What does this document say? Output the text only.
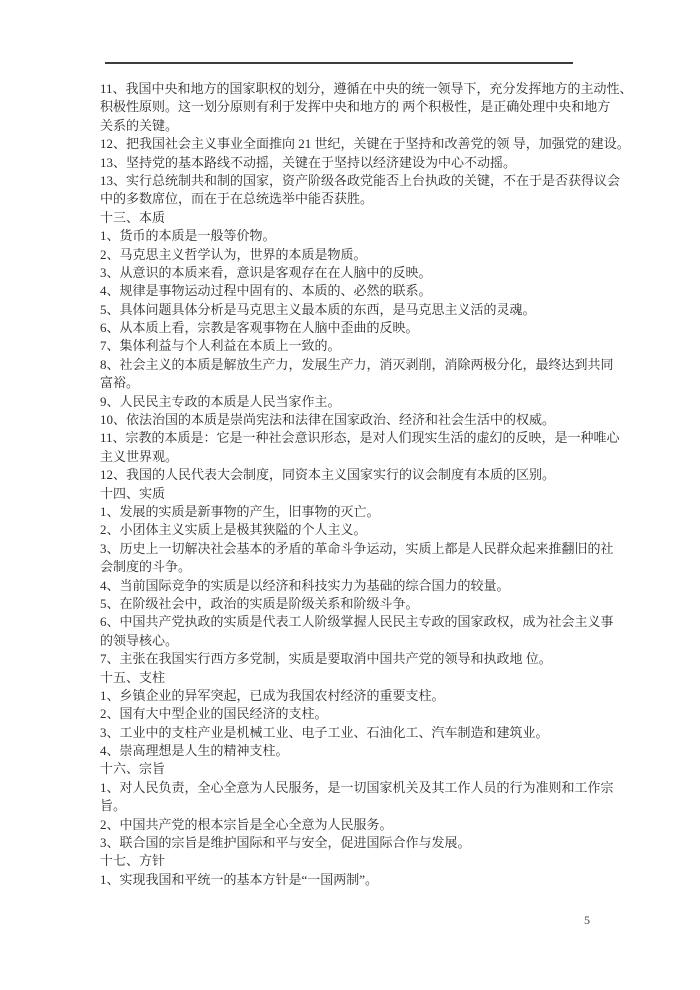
11、我国中央和地方的国家职权的划分，遵循在中央的统一领导下，充分发挥地方的主动性、
积极性原则。这一划分原则有利于发挥中央和地方的 两个积极性，是正确处理中央和地方
关系的关键。
12、把我国社会主义事业全面推向 21 世纪，关键在于坚持和改善党的领 导，加强党的建设。
13、坚持党的基本路线不动摇，关键在于坚持以经济建设为中心不动摇。
13、实行总统制共和制的国家，资产阶级各政党能否上台执政的关键，不在于是否获得议会
中的多数席位，而在于在总统选举中能否获胜。
十三、本质
1、货币的本质是一般等价物。
2、马克思主义哲学认为，世界的本质是物质。
3、从意识的本质来看，意识是客观存在在人脑中的反映。
4、规律是事物运动过程中固有的、本质的、必然的联系。
5、具体问题具体分析是马克思主义最本质的东西，是马克思主义活的灵魂。
6、从本质上看，宗教是客观事物在人脑中歪曲的反映。
7、集体利益与个人利益在本质上一致的。
8、社会主义的本质是解放生产力，发展生产力，消灭剥削，消除两极分化，最终达到共同
富裕。
9、人民民主专政的本质是人民当家作主。
10、依法治国的本质是崇尚宪法和法律在国家政治、经济和社会生活中的权威。
11、宗教的本质是：它是一种社会意识形态，是对人们现实生活的虚幻的反映，是一种唯心
主义世界观。
12、我国的人民代表大会制度，同资本主义国家实行的议会制度有本质的区别。
十四、实质
1、发展的实质是新事物的产生，旧事物的灭亡。
2、小团体主义实质上是极其狭隘的个人主义。
3、历史上一切解决社会基本的矛盾的革命斗争运动，实质上都是人民群众起来推翻旧的社
会制度的斗争。
4、当前国际竞争的实质是以经济和科技实力为基础的综合国力的较量。
5、在阶级社会中，政治的实质是阶级关系和阶级斗争。
6、中国共产党执政的实质是代表工人阶级掌握人民民主专政的国家政权，成为社会主义事
的领导核心。
7、主张在我国实行西方多党制，实质是要取消中国共产党的领导和执政地 位。
十五、支柱
1、乡镇企业的异军突起，已成为我国农村经济的重要支柱。
2、国有大中型企业的国民经济的支柱。
3、工业中的支柱产业是机械工业、电子工业、石油化工、汽车制造和建筑业。
4、崇高理想是人生的精神支柱。
十六、宗旨
1、对人民负责，全心全意为人民服务，是一切国家机关及其工作人员的行为准则和工作宗
旨。
2、中国共产党的根本宗旨是全心全意为人民服务。
3、联合国的宗旨是维护国际和平与安全，促进国际合作与发展。
十七、方针
1、实现我国和平统一的基本方针是“一国两制”。
5
